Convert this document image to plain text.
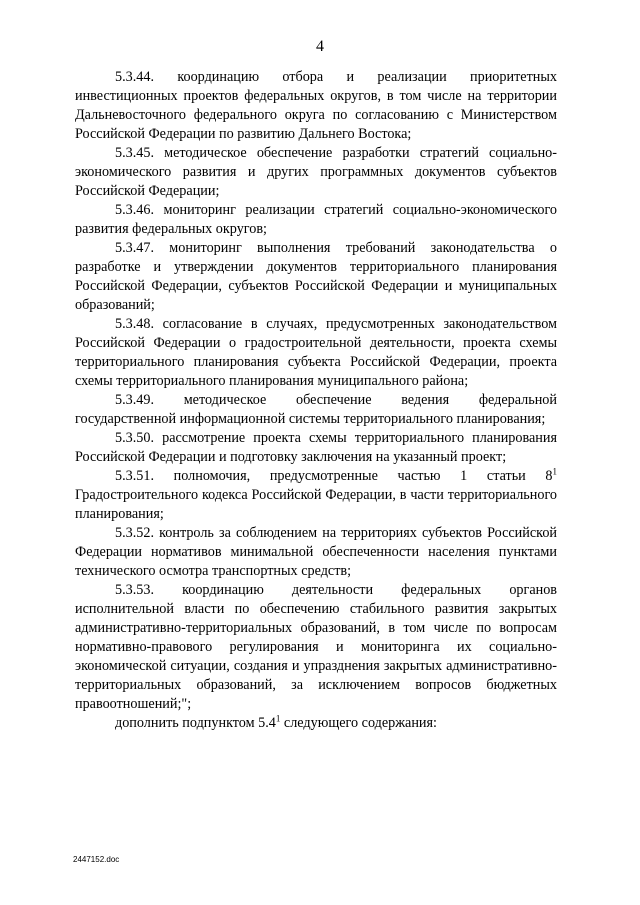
4

5.3.44. координацию отбора и реализации приоритетных инвестиционных проектов федеральных округов, в том числе на территории Дальневосточного федерального округа по согласованию с Министерством Российской Федерации по развитию Дальнего Востока;

5.3.45. методическое обеспечение разработки стратегий социально-экономического развития и других программных документов субъектов Российской Федерации;

5.3.46. мониторинг реализации стратегий социально-экономического развития федеральных округов;

5.3.47. мониторинг выполнения требований законодательства о разработке и утверждении документов территориального планирования Российской Федерации, субъектов Российской Федерации и муниципальных образований;

5.3.48. согласование в случаях, предусмотренных законодательством Российской Федерации о градостроительной деятельности, проекта схемы территориального планирования субъекта Российской Федерации, проекта схемы территориального планирования муниципального района;

5.3.49. методическое обеспечение ведения федеральной государственной информационной системы территориального планирования;

5.3.50. рассмотрение проекта схемы территориального планирования Российской Федерации и подготовку заключения на указанный проект;

5.3.51. полномочия, предусмотренные частью 1 статьи $8^1$ Градостроительного кодекса Российской Федерации, в части территориального планирования;

5.3.52. контроль за соблюдением на территориях субъектов Российской Федерации нормативов минимальной обеспеченности населения пунктами технического осмотра транспортных средств;

5.3.53. координацию деятельности федеральных органов исполнительной власти по обеспечению стабильного развития закрытых административно-территориальных образований, в том числе по вопросам нормативно-правового регулирования и мониторинга их социально-экономической ситуации, создания и упразднения закрытых административно-территориальных образований, за исключением вопросов бюджетных правоотношений;";

дополнить подпунктом $5.4^1$ следующего содержания:

2447152.doc
